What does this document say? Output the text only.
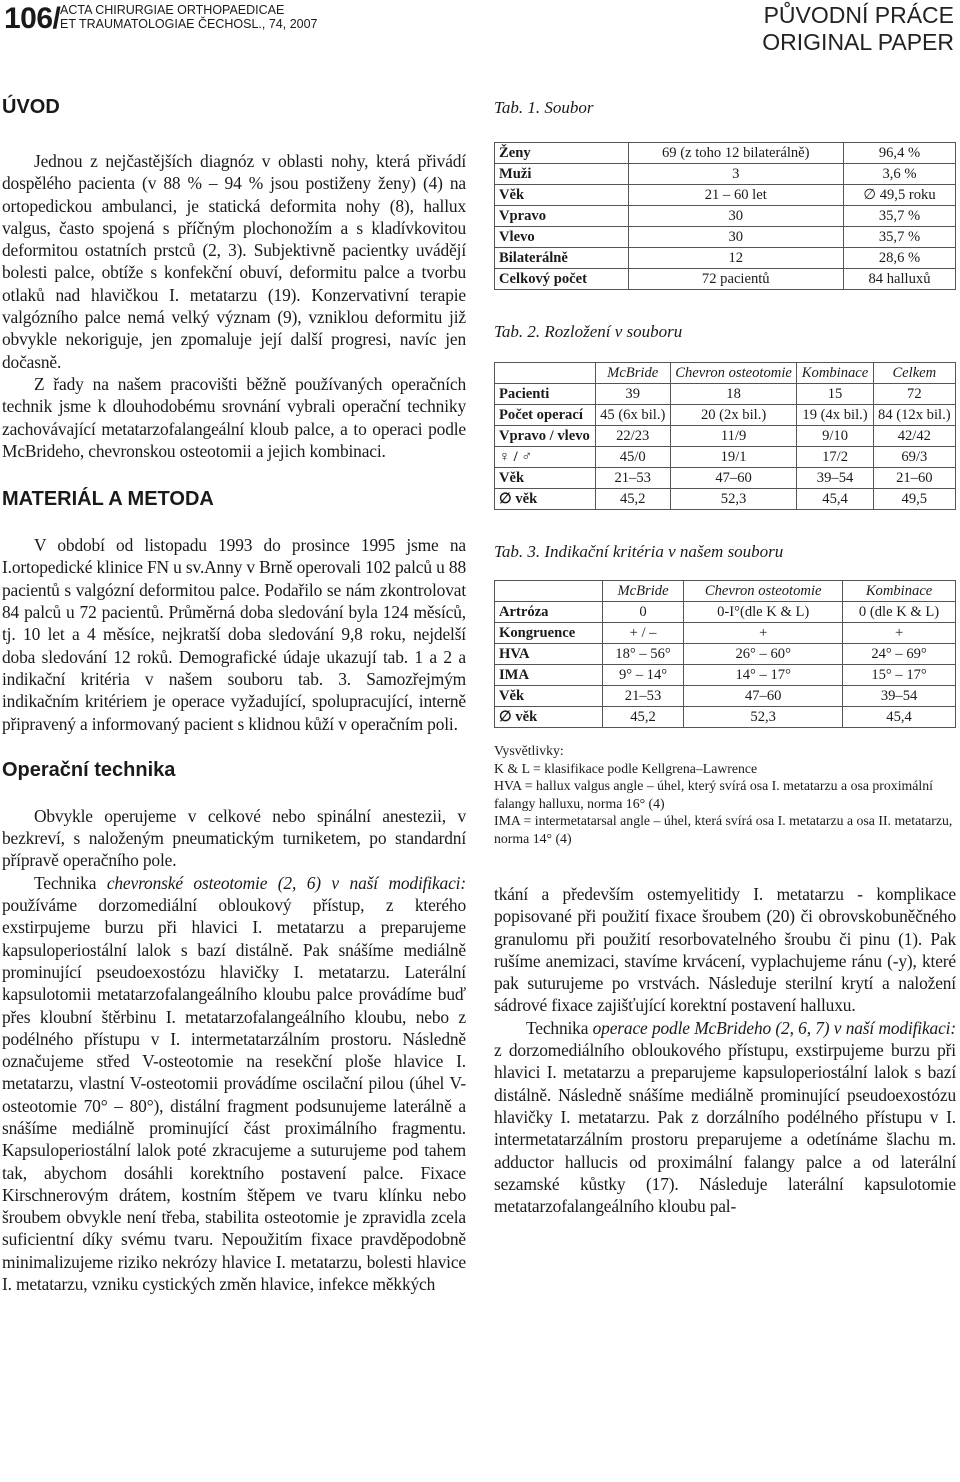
106/ ACTA CHIRURGIAE ORTHOPAEDICAE
ET TRAUMATOLOGIAE ČECHOSL., 74, 2007	PŮVODNÍ PRÁCE
ORIGINAL PAPER
ÚVOD

Jednou z nejčastějších diagnóz v oblasti nohy, která přivádí dospělého pacienta (v 88 % – 94 % jsou postiženy ženy) (4) na ortopedickou ambulanci, je statická deformita nohy (8), hallux valgus, často spojená s příčným plochonožím a s kladívkovitou deformitou ostatních prstců (2, 3). Subjektivně pacientky uvádějí bolesti palce, obtíže s konfekční obuví, deformitu palce a tvorbu otlaků nad hlavičkou I. metatarzu (19). Konzervativní terapie valgózního palce nemá velký význam (9), vzniklou deformitu již obvykle nekoriguje, jen zpomaluje její další progresi, navíc jen dočasně.

Z řady na našem pracovišti běžně používaných operačních technik jsme k dlouhodobému srovnání vybrali operační techniky zachovávající metatarzofalangeální kloub palce, a to operaci podle McBrideho, chevronskou osteotomii a jejich kombinaci.

MATERIÁL A METODA

V období od listopadu 1993 do prosince 1995 jsme na I.ortopedické klinice FN u sv.Anny v Brně operovali 102 palců u 88 pacientů s valgózní deformitou palce. Podařilo se nám zkontrolovat 84 palců u 72 pacientů. Průměrná doba sledování byla 124 měsíců, tj. 10 let a 4 měsíce, nejkratší doba sledování 9,8 roku, nejdelší doba sledování 12 roků. Demografické údaje ukazují tab. 1 a 2 a indikační kritéria v našem souboru tab. 3. Samozřejmým indikačním kritériem je operace vyžadující, spolupracující, interně připravený a informovaný pacient s klidnou kůží v operačním poli.

Operační technika

Obvykle operujeme v celkové nebo spinální anestezii, v bezkreví, s naloženým pneumatickým turniketem, po standardní přípravě operačního pole.

Technika chevronské osteotomie (2, 6) v naší modifikaci: používáme dorzomediální obloukový přístup, z kterého exstirpujeme burzu při hlavici I. metatarzu a preparujeme kapsuloperiostální lalok s bazí distálně. Pak snášíme mediálně prominující pseudoexostózu hlavičky I. metatarzu. Laterální kapsulotomii metatarzofalangeálního kloubu palce provádíme buď přes kloubní štěrbinu I. metatarzofalangeálního kloubu, nebo z podélného přístupu v I. intermetatarzálním prostoru. Následně označujeme střed V-osteotomie na resekční ploše hlavice I. metatarzu, vlastní V-osteotomii provádíme oscilační pilou (úhel V-osteotomie 70° – 80°), distální fragment podsunujeme laterálně a snášíme mediálně prominující část proximálního fragmentu. Kapsuloperiostální lalok poté zkracujeme a suturujeme pod tahem tak, abychom dosáhli korektního postavení palce. Fixace Kirschnerovým drátem, kostním štěpem ve tvaru klínku nebo šroubem obvykle není třeba, stabilita osteotomie je zpravidla zcela suficientní díky svému tvaru. Nepoužitím fixace pravděpodobně minimalizujeme riziko nekrózy hlavice I. metatarzu, bolesti hlavice I. metatarzu, vzniku cystických změn hlavice, infekce měkkých

Tab. 1. Soubor
Ženy	69 (z toho 12 bilaterálně)	96,4 %
Muži	3	3,6 %
Věk	21 – 60 let	∅ 49,5 roku
Vpravo	30	35,7 %
Vlevo	30	35,7 %
Bilaterálně	12	28,6 %
Celkový počet	72 pacientů	84 halluxů
Tab. 2. Rozložení v souboru
	McBride	Chevron osteotomie	Kombinace	Celkem
Pacienti	39	18	15	72
Počet operací	45 (6x bil.)	20 (2x bil.)	19 (4x bil.)	84 (12x bil.)
Vpravo / vlevo	22/23	11/9	9/10	42/42
♀ / ♂	45/0	19/1	17/2	69/3
Věk	21–53	47–60	39–54	21–60
∅ věk	45,2	52,3	45,4	49,5
Tab. 3. Indikační kritéria v našem souboru
	McBride	Chevron osteotomie	Kombinace
Artróza	0	0-I°(dle K & L)	0 (dle K & L)
Kongruence	+ / –	+	+
HVA	18° – 56°	26° – 60°	24° – 69°
IMA	9° – 14°	14° – 17°	15° – 17°
Věk	21–53	47–60	39–54
∅ věk	45,2	52,3	45,4
Vysvětlivky:
K & L = klasifikace podle Kellgrena–Lawrence
HVA = hallux valgus angle – úhel, který svírá osa I. metatarzu a osa proximální falangy halluxu, norma 16° (4)
IMA = intermetatarsal angle – úhel, která svírá osa I. metatarzu a osa II. metatarzu, norma 14° (4)

tkání a především ostemyelitidy I. metatarzu - komplikace popisované při použití fixace šroubem (20) či obrovskobuněčného granulomu při použití resorbovatelného šroubu či pinu (1). Pak rušíme anemizaci, stavíme krvácení, vyplachujeme ránu (-y), které pak suturujeme po vrstvách. Následuje sterilní krytí a naložení sádrové fixace zajišťující korektní postavení halluxu.

Technika operace podle McBrideho (2, 6, 7) v naší modifikaci: z dorzomediálního obloukového přístupu, exstirpujeme burzu při hlavici I. metatarzu a preparujeme kapsuloperiostální lalok s bazí distálně. Následně snášíme mediálně prominující pseudoexostózu hlavičky I. metatarzu. Pak z dorzálního podélného přístupu v I. intermetatarzálním prostoru preparujeme a odetínáme šlachu m. adductor hallucis od proximální falangy palce a od laterální sezamské kůstky (17). Následuje laterální kapsulotomie metatarzofalangeálního kloubu pal-
